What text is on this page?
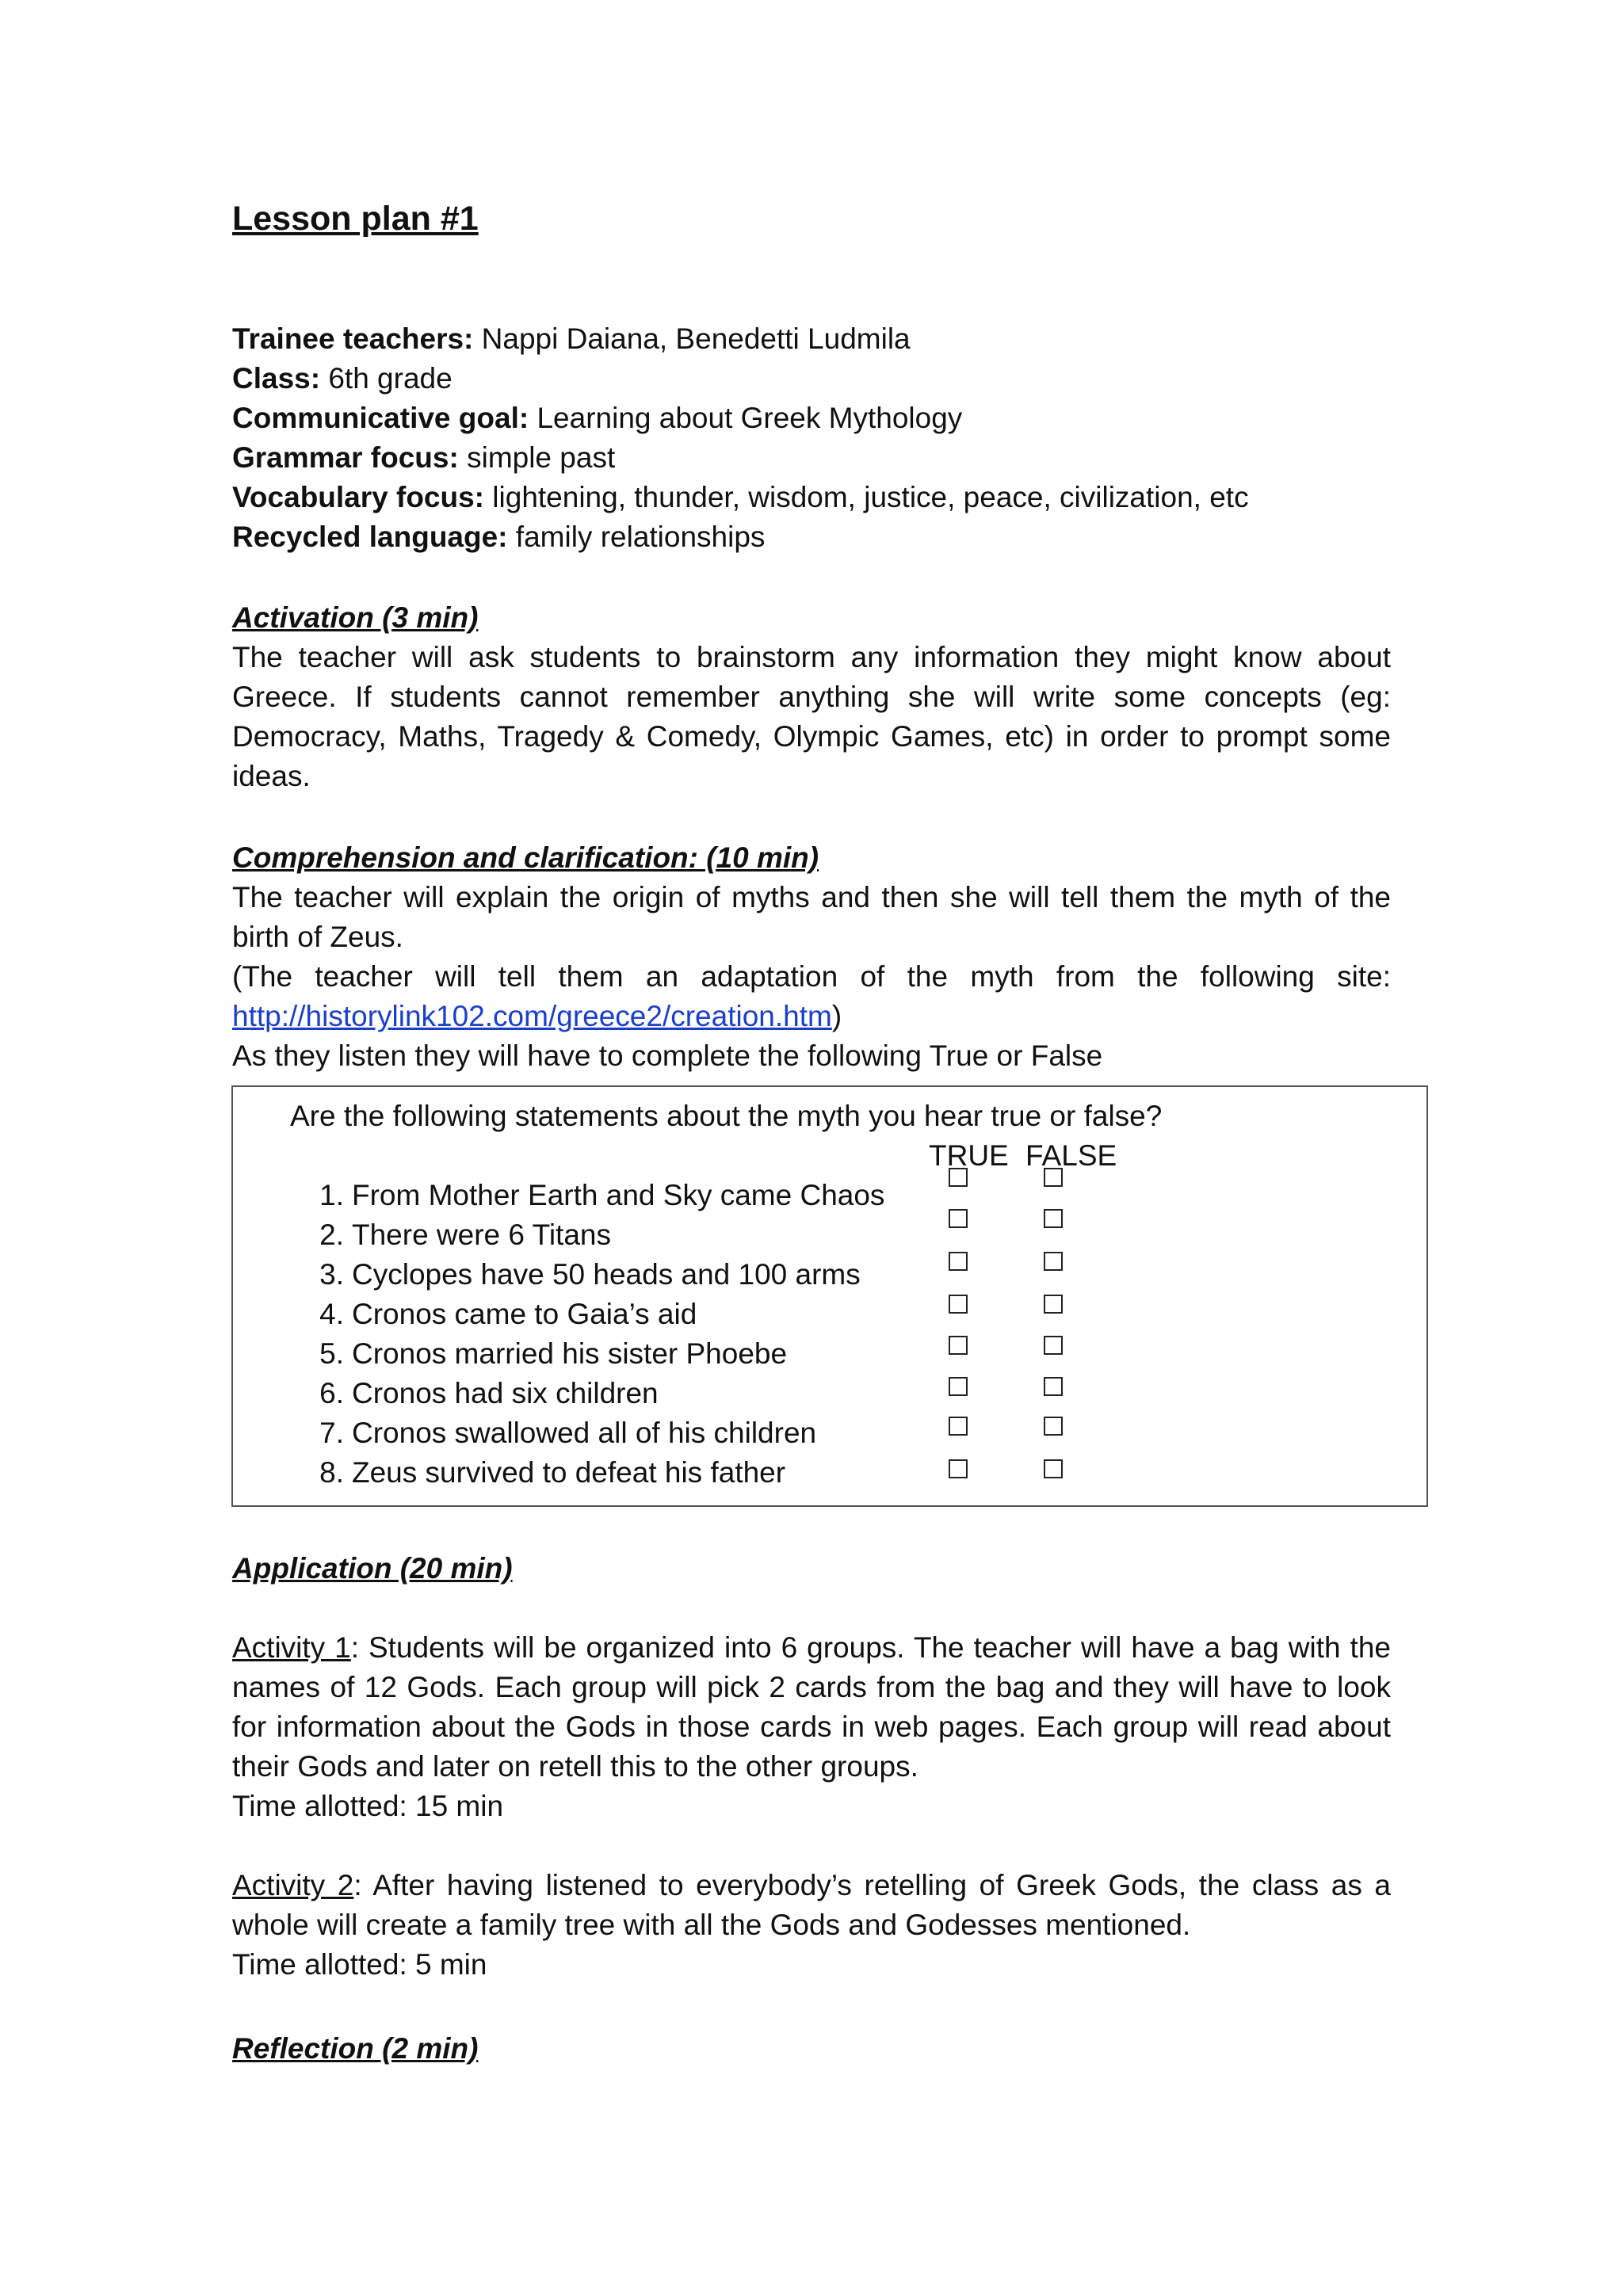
Lesson plan #1
Trainee teachers: Nappi Daiana, Benedetti Ludmila
Class: 6th grade
Communicative goal: Learning about Greek Mythology
Grammar focus: simple past
Vocabulary focus: lightening, thunder, wisdom, justice, peace, civilization, etc
Recycled language: family relationships
Activation (3 min)
The teacher will ask students to brainstorm any information they might know about Greece. If students cannot remember anything she will write some concepts (eg: Democracy, Maths, Tragedy & Comedy, Olympic Games, etc) in order to prompt some ideas.
Comprehension and clarification: (10 min)
The teacher will explain the origin of myths and then she will tell them the myth of the birth of Zeus.
(The teacher will tell them an adaptation of the myth from the following site: http://historylink102.com/greece2/creation.htm)
As they listen they will have to complete the following True or False
Are the following statements about the myth you hear true or false?
TRUE FALSE
1. From Mother Earth and Sky came Chaos
2. There were 6 Titans
3. Cyclopes have 50 heads and 100 arms
4. Cronos came to Gaia’s aid
5. Cronos married his sister Phoebe
6. Cronos had six children
7. Cronos swallowed all of his children
8. Zeus survived to defeat his father
Application (20 min)
Activity 1: Students will be organized into 6 groups. The teacher will have a bag with the names of 12 Gods. Each group will pick 2 cards from the bag and they will have to look for information about the Gods in those cards in web pages. Each group will read about their Gods and later on retell this to the other groups.
Time allotted: 15 min
Activity 2: After having listened to everybody’s retelling of Greek Gods, the class as a whole will create a family tree with all the Gods and Godesses mentioned.
Time allotted: 5 min
Reflection (2 min)
